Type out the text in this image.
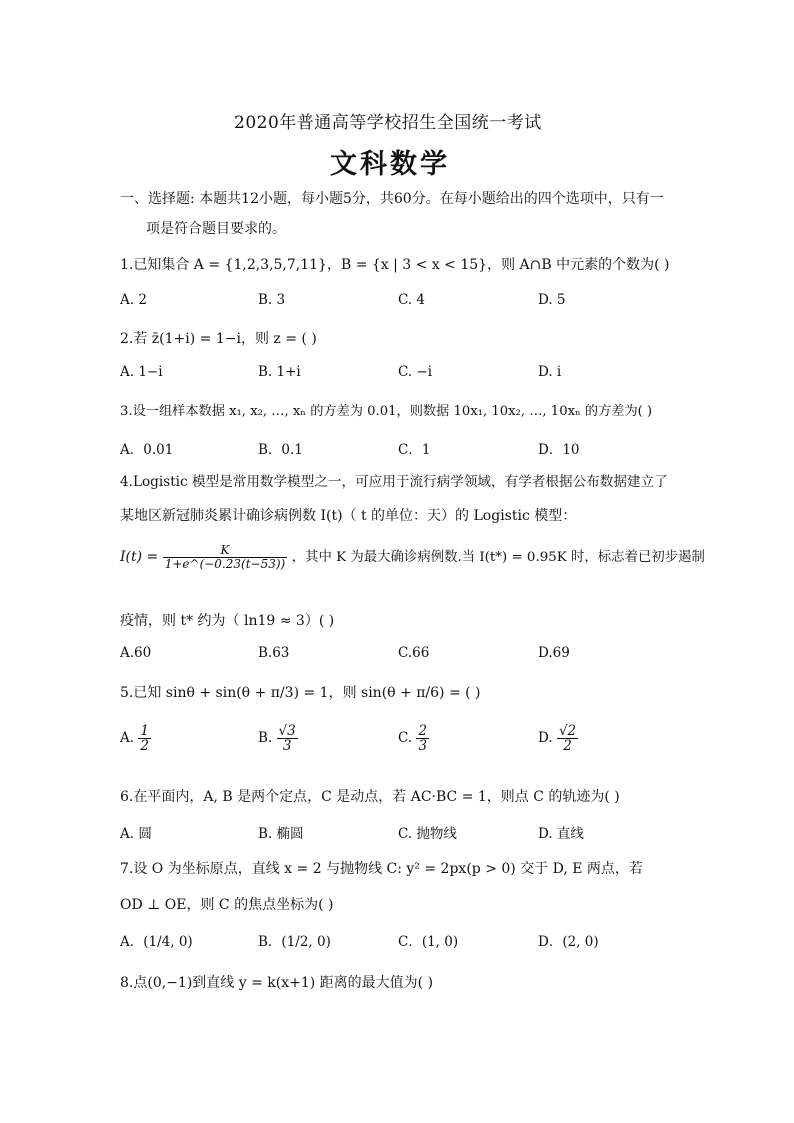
2020年普通高等学校招生全国统一考试
文科数学
一、选择题: 本题共12小题，每小题5分，共60分。在每小题给出的四个选项中，只有一
项是符合题目要求的。
1.已知集合 A = {1,2,3,5,7,11}，B = {x | 3 < x < 15}，则 A∩B 中元素的个数为( )
A. 2	B. 3	C. 4	D. 5
2.若 z̄(1+i) = 1−i，则 z = ( )
A. 1−i	B. 1+i	C. −i	D. i
3.设一组样本数据 x₁, x₂, …, xₙ 的方差为 0.01，则数据 10x₁, 10x₂, …, 10xₙ 的方差为( )
A．0.01	B．0.1	C．1	D．10
4.Logistic 模型是常用数学模型之一，可应用于流行病学领域，有学者根据公布数据建立了
某地区新冠肺炎累计确诊病例数 I(t)（ t 的单位：天）的 Logistic 模型：
$I(t) = \frac{K}{1+e\^{}(-0.23(t-53))}$ ，其中 K 为最大确诊病例数.当 I(t*) = 0.95K 时，标志着已初步遏制
疫情，则 t* 约为（ ln19 ≈ 3）( )
A.60	B.63	C.66	D.69
5.已知 sinθ + sin(θ + π/3) = 1，则 sin(θ + π/6) = ( )
A. $\frac{1}{2}$	B. $\frac{√3}{3}$	C. $\frac{2}{3}$	D. $\frac{√2}{2}$
6.在平面内，A, B 是两个定点，C 是动点，若 AC·BC = 1，则点 C 的轨迹为( )
A. 圆	B. 椭圆	C. 抛物线	D. 直线
7.设 O 为坐标原点，直线 x = 2 与抛物线 C: y² = 2px(p > 0) 交于 D, E 两点，若
OD ⊥ OE，则 C 的焦点坐标为( )
A．(1/4, 0)	B．(1/2, 0)	C．(1, 0)	D．(2, 0)
8.点(0,−1)到直线 y = k(x+1) 距离的最大值为( )
